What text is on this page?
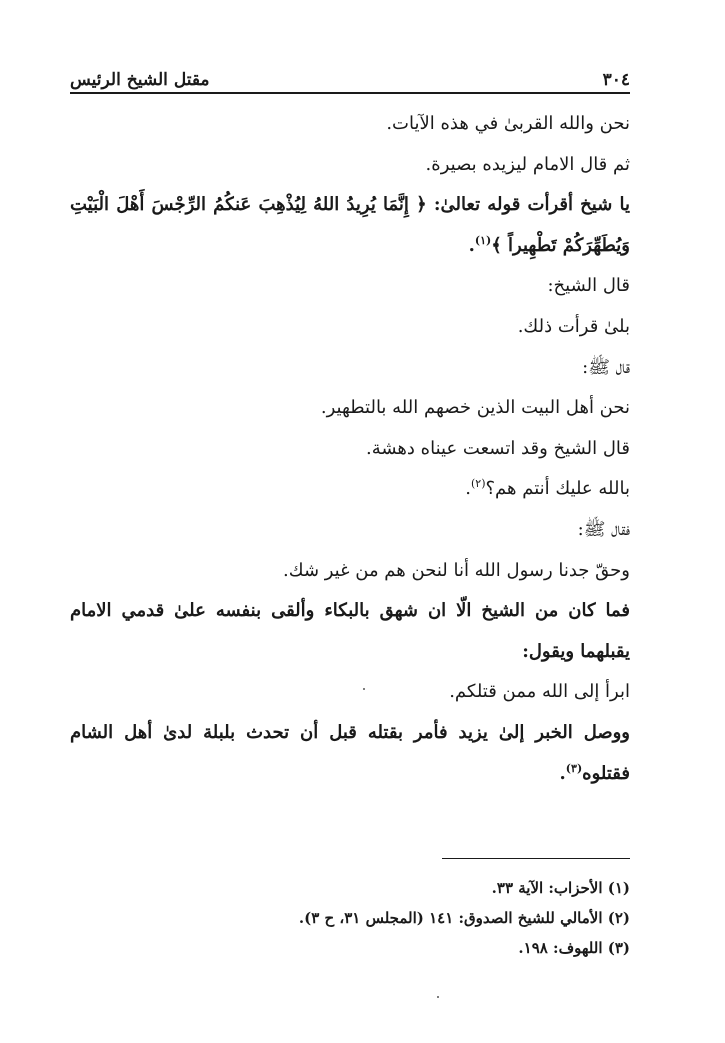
٣٠٤
مقتل الشيخ الرئيس
نحن والله القربىٰ في هذه الآيات.
ثم قال الامام ليزيده بصيرة.
يا شيخ أقرأت قوله تعالىٰ: ﴿ إِنَّمَا يُرِيدُ اللهُ لِيُذْهِبَ عَنكُمُ الرِّجْسَ أَهْلَ الْبَيْتِ
وَيُطَهِّرَكُمْ تَطْهِيراً ﴾$^{(١)}$.
قال الشيخ:
بلىٰ قرأت ذلك.
قال ﷺ:
نحن أهل البيت الذين خصهم الله بالتطهير.
قال الشيخ وقد اتسعت عيناه دهشة.
بالله عليك أنتم هم؟$^{(٢)}$.
فقال ﷺ:
وحقّ جدنا رسول الله أنا لنحن هم من غير شك.
فما كان من الشيخ الّا ان شهق بالبكاء وألقى بنفسه علىٰ قدمي الامام
يقبلهما ويقول:
ابرأ إلى الله ممن قتلكم.
ووصل الخبر إلىٰ يزيد فأمر بقتله قبل أن تحدث بلبلة لدىٰ أهل الشام
فقتلوه$^{(٣)}$.
(١) الأحزاب: الآية ٣٣.
(٢) الأمالي للشيخ الصدوق: ١٤١ (المجلس ٣١، ح ٣).
(٣) اللهوف: ١٩٨.
